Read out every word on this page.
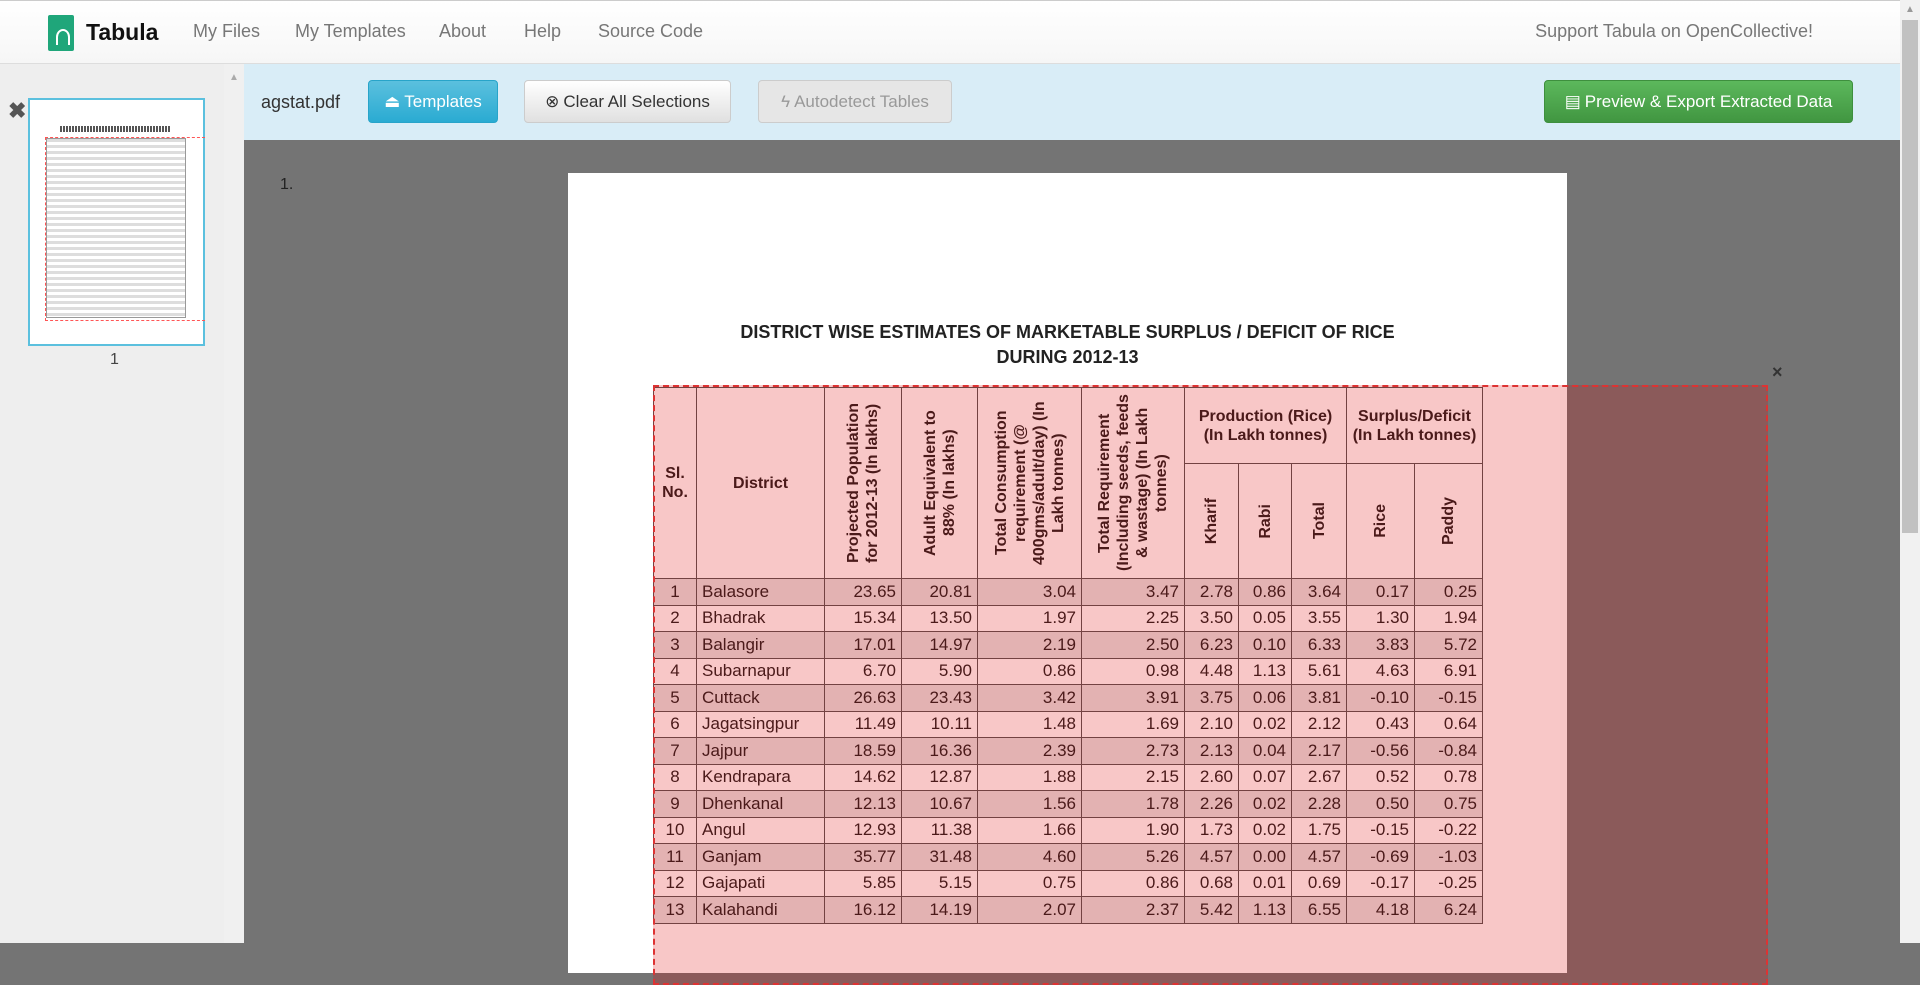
Tabula My Files My Templates About Help Source Code	Support Tabula on OpenCollective!
✖
1
▲
agstat.pdf	⏏ Templates	⊗ Clear All Selections	ϟ Autodetect Tables	▤ Preview & Export Extracted Data
1.
DISTRICT WISE ESTIMATES OF MARKETABLE SURPLUS / DEFICIT OF RICE
DURING 2012-13
Sl. No.	District	Projected Population for 2012-13 (In lakhs)	Adult Equivalent to 88% (In lakhs)	Total Consumption requirement (@ 400gms/adult/day) (In Lakh tonnes)	Total Requirement (Including seeds, feeds & wastage) (In Lakh tonnes)	Production (Rice) (In Lakh tonnes)			Surplus/Deficit (In Lakh tonnes)	

						Kharif	Rabi	Total	Rice	Paddy

1	Balasore	23.65	20.81	3.04	3.47	2.78	0.86	3.64	0.17	0.25
2	Bhadrak	15.34	13.50	1.97	2.25	3.50	0.05	3.55	1.30	1.94
3	Balangir	17.01	14.97	2.19	2.50	6.23	0.10	6.33	3.83	5.72
4	Subarnapur	6.70	5.90	0.86	0.98	4.48	1.13	5.61	4.63	6.91
5	Cuttack	26.63	23.43	3.42	3.91	3.75	0.06	3.81	-0.10	-0.15
6	Jagatsingpur	11.49	10.11	1.48	1.69	2.10	0.02	2.12	0.43	0.64
7	Jajpur	18.59	16.36	2.39	2.73	2.13	0.04	2.17	-0.56	-0.84
8	Kendrapara	14.62	12.87	1.88	2.15	2.60	0.07	2.67	0.52	0.78
9	Dhenkanal	12.13	10.67	1.56	1.78	2.26	0.02	2.28	0.50	0.75
10	Angul	12.93	11.38	1.66	1.90	1.73	0.02	1.75	-0.15	-0.22
11	Ganjam	35.77	31.48	4.60	5.26	4.57	0.00	4.57	-0.69	-1.03
12	Gajapati	5.85	5.15	0.75	0.86	0.68	0.01	0.69	-0.17	-0.25
13	Kalahandi	16.12	14.19	2.07	2.37	5.42	1.13	6.55	4.18	6.24
×
▲
